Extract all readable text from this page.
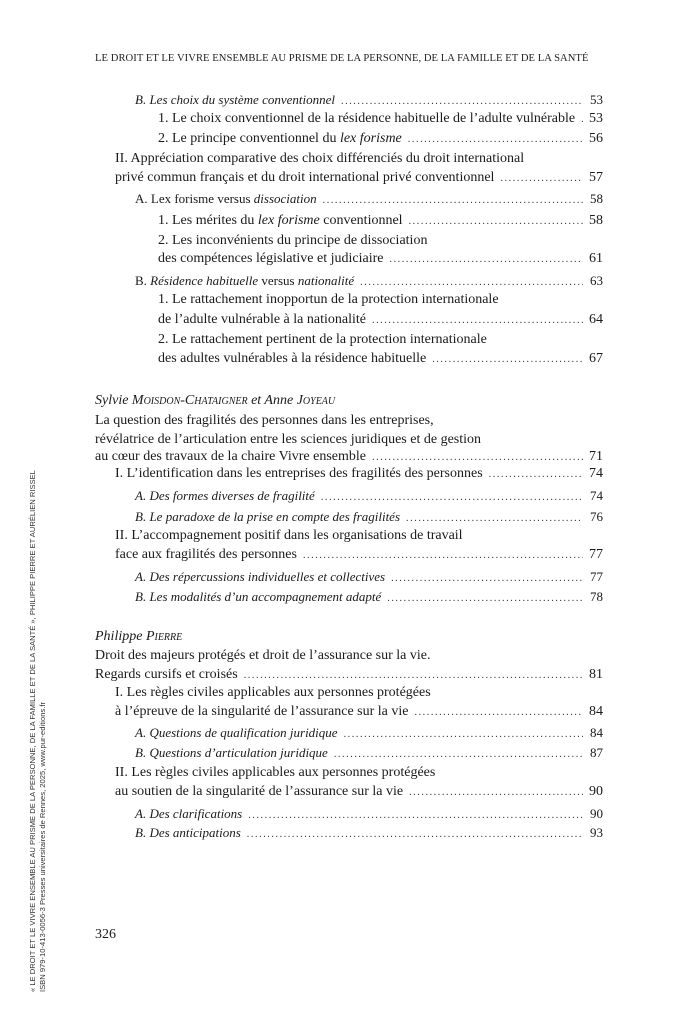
LE DROIT ET LE VIVRE ENSEMBLE AU PRISME DE LA PERSONNE, DE LA FAMILLE ET DE LA SANTÉ
B. Les choix du système conventionnel .....	53
1. Le choix conventionnel de la résidence habituelle de l’adulte vulnérable ..... 53
2. Le principe conventionnel du lex forisme .....	56
II. Appréciation comparative des choix différenciés du droit international
privé commun français et du droit international privé conventionnel .....	57
A. Lex forisme versus dissociation .....	58
1. Les mérites du lex forisme conventionnel .....	58
2. Les inconvénients du principe de dissociation
des compétences législative et judiciaire .....	61
B. Résidence habituelle versus nationalité .....	63
1. Le rattachement inopportun de la protection internationale
de l’adulte vulnérable à la nationalité .....	64
2. Le rattachement pertinent de la protection internationale
des adultes vulnérables à la résidence habituelle .....	67
Sylvie Moisdon-Chataigner et Anne Joyeau
La question des fragilités des personnes dans les entreprises,
révélatrice de l’articulation entre les sciences juridiques et de gestion
au cœur des travaux de la chaire Vivre ensemble .....	71
I. L’identification dans les entreprises des fragilités des personnes .....	74
A. Des formes diverses de fragilité .....	74
B. Le paradoxe de la prise en compte des fragilités .....	76
II. L’accompagnement positif dans les organisations de travail
face aux fragilités des personnes .....	77
A. Des répercussions individuelles et collectives .....	77
B. Les modalités d’un accompagnement adapté .....	78
Philippe Pierre
Droit des majeurs protégés et droit de l’assurance sur la vie.
Regards cursifs et croisés .....	81
I. Les règles civiles applicables aux personnes protégées
à l’épreuve de la singularité de l’assurance sur la vie .....	84
A. Questions de qualification juridique .....	84
B. Questions d’articulation juridique .....	87
II. Les règles civiles applicables aux personnes protégées
au soutien de la singularité de l’assurance sur la vie .....	90
A. Des clarifications .....	90
B. Des anticipations .....	93
326
« LE DROIT ET LE VIVRE ENSEMBLE AU PRISME DE LA PERSONNE, DE LA FAMILLE ET DE LA SANTÉ », PHILIPPE PIERRE ET AURÉLIEN RISSEL ISBN 979-10-413-0056-3 Presses universitaires de Rennes, 2025, www.pur-editions.fr
